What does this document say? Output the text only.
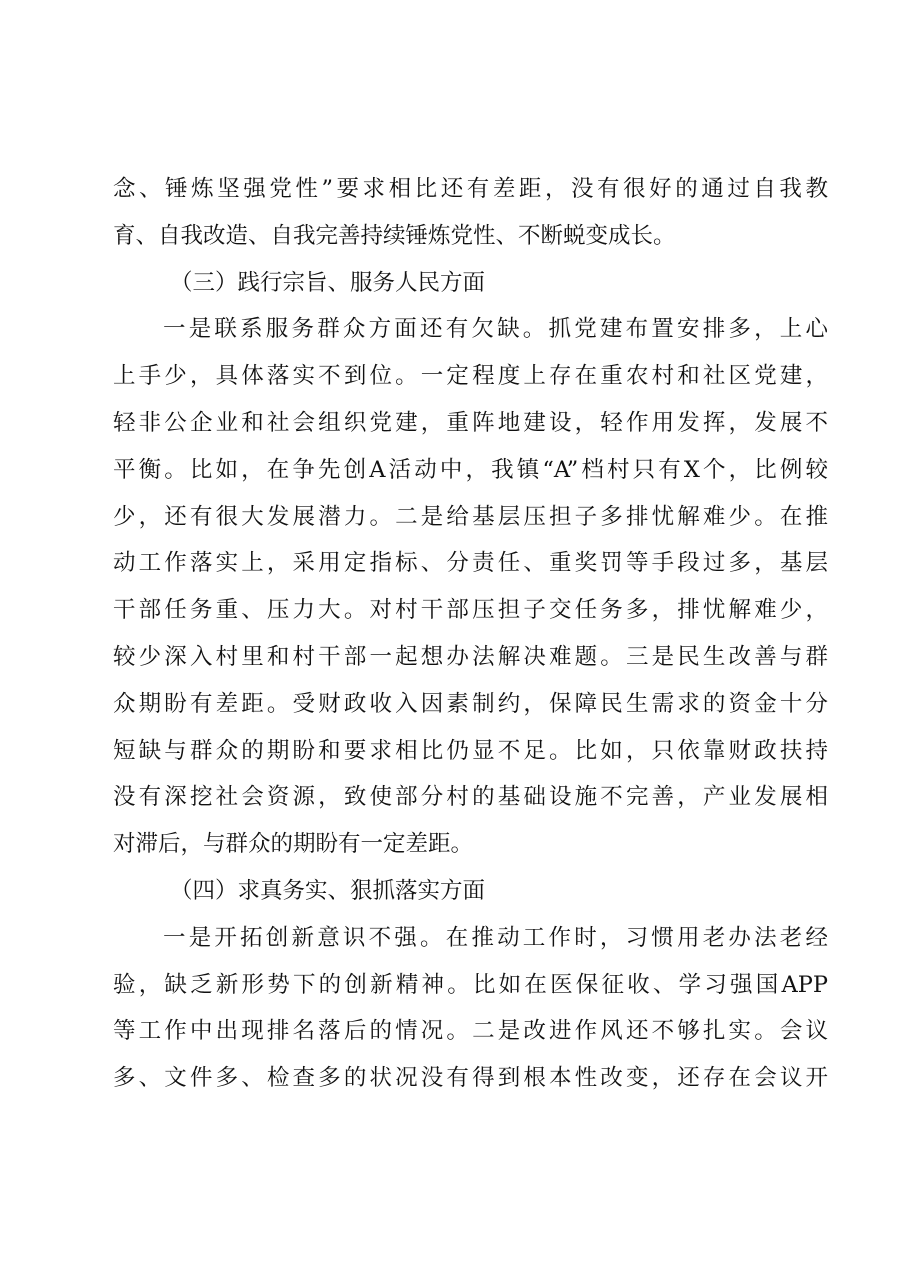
念、锤炼坚强党性”要求相比还有差距，没有很好的通过自我教
育、自我改造、自我完善持续锤炼党性、不断蜕变成长。
（三）践行宗旨、服务人民方面
一是联系服务群众方面还有欠缺。抓党建布置安排多，上心
上手少，具体落实不到位。一定程度上存在重农村和社区党建，
轻非公企业和社会组织党建，重阵地建设，轻作用发挥，发展不
平衡。比如，在争先创A活动中，我镇“A”档村只有X个，比例较
少，还有很大发展潜力。二是给基层压担子多排忧解难少。在推
动工作落实上，采用定指标、分责任、重奖罚等手段过多，基层
干部任务重、压力大。对村干部压担子交任务多，排忧解难少，
较少深入村里和村干部一起想办法解决难题。三是民生改善与群
众期盼有差距。受财政收入因素制约，保障民生需求的资金十分
短缺与群众的期盼和要求相比仍显不足。比如，只依靠财政扶持
没有深挖社会资源，致使部分村的基础设施不完善，产业发展相
对滞后，与群众的期盼有一定差距。
（四）求真务实、狠抓落实方面
一是开拓创新意识不强。在推动工作时，习惯用老办法老经
验，缺乏新形势下的创新精神。比如在医保征收、学习强国APP
等工作中出现排名落后的情况。二是改进作风还不够扎实。会议
多、文件多、检查多的状况没有得到根本性改变，还存在会议开
